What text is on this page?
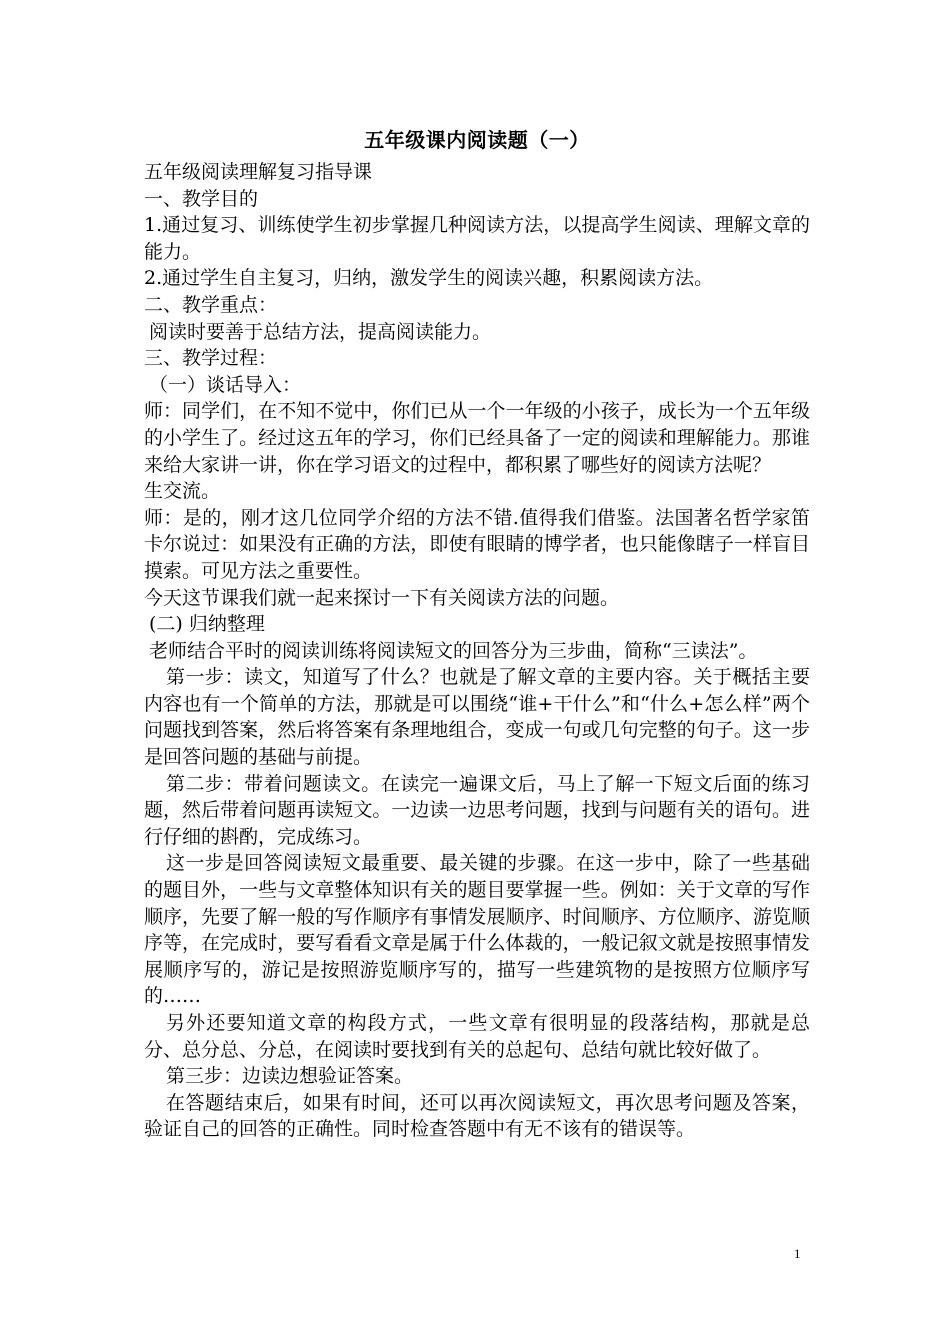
五年级课内阅读题（一）

五年级阅读理解复习指导课

一、教学目的

1.通过复习、训练使学生初步掌握几种阅读方法，以提高学生阅读、理解文章的能力。

2.通过学生自主复习，归纳，激发学生的阅读兴趣，积累阅读方法。

二、教学重点：

阅读时要善于总结方法，提高阅读能力。

三、教学过程：

（一）谈话导入：

师：同学们，在不知不觉中，你们已从一个一年级的小孩子，成长为一个五年级的小学生了。经过这五年的学习，你们已经具备了一定的阅读和理解能力。那谁来给大家讲一讲，你在学习语文的过程中，都积累了哪些好的阅读方法呢？

生交流。

师：是的，刚才这几位同学介绍的方法不错.值得我们借鉴。法国著名哲学家笛卡尔说过：如果没有正确的方法，即使有眼睛的博学者，也只能像瞎子一样盲目摸索。可见方法之重要性。

今天这节课我们就一起来探讨一下有关阅读方法的问题。

(二) 归纳整理

老师结合平时的阅读训练将阅读短文的回答分为三步曲，简称“三读法”。

第一步：读文，知道写了什么？也就是了解文章的主要内容。关于概括主要内容也有一个简单的方法，那就是可以围绕“谁+干什么”和“什么+怎么样”两个问题找到答案，然后将答案有条理地组合，变成一句或几句完整的句子。这一步是回答问题的基础与前提。

第二步：带着问题读文。在读完一遍课文后，马上了解一下短文后面的练习题，然后带着问题再读短文。一边读一边思考问题，找到与问题有关的语句。进行仔细的斟酌，完成练习。

这一步是回答阅读短文最重要、最关键的步骤。在这一步中，除了一些基础的题目外，一些与文章整体知识有关的题目要掌握一些。例如：关于文章的写作顺序，先要了解一般的写作顺序有事情发展顺序、时间顺序、方位顺序、游览顺序等，在完成时，要写看看文章是属于什么体裁的，一般记叙文就是按照事情发展顺序写的，游记是按照游览顺序写的，描写一些建筑物的是按照方位顺序写的……

另外还要知道文章的构段方式，一些文章有很明显的段落结构，那就是总分、总分总、分总，在阅读时要找到有关的总起句、总结句就比较好做了。

第三步：边读边想验证答案。

在答题结束后，如果有时间，还可以再次阅读短文，再次思考问题及答案，验证自己的回答的正确性。同时检查答题中有无不该有的错误等。

1
